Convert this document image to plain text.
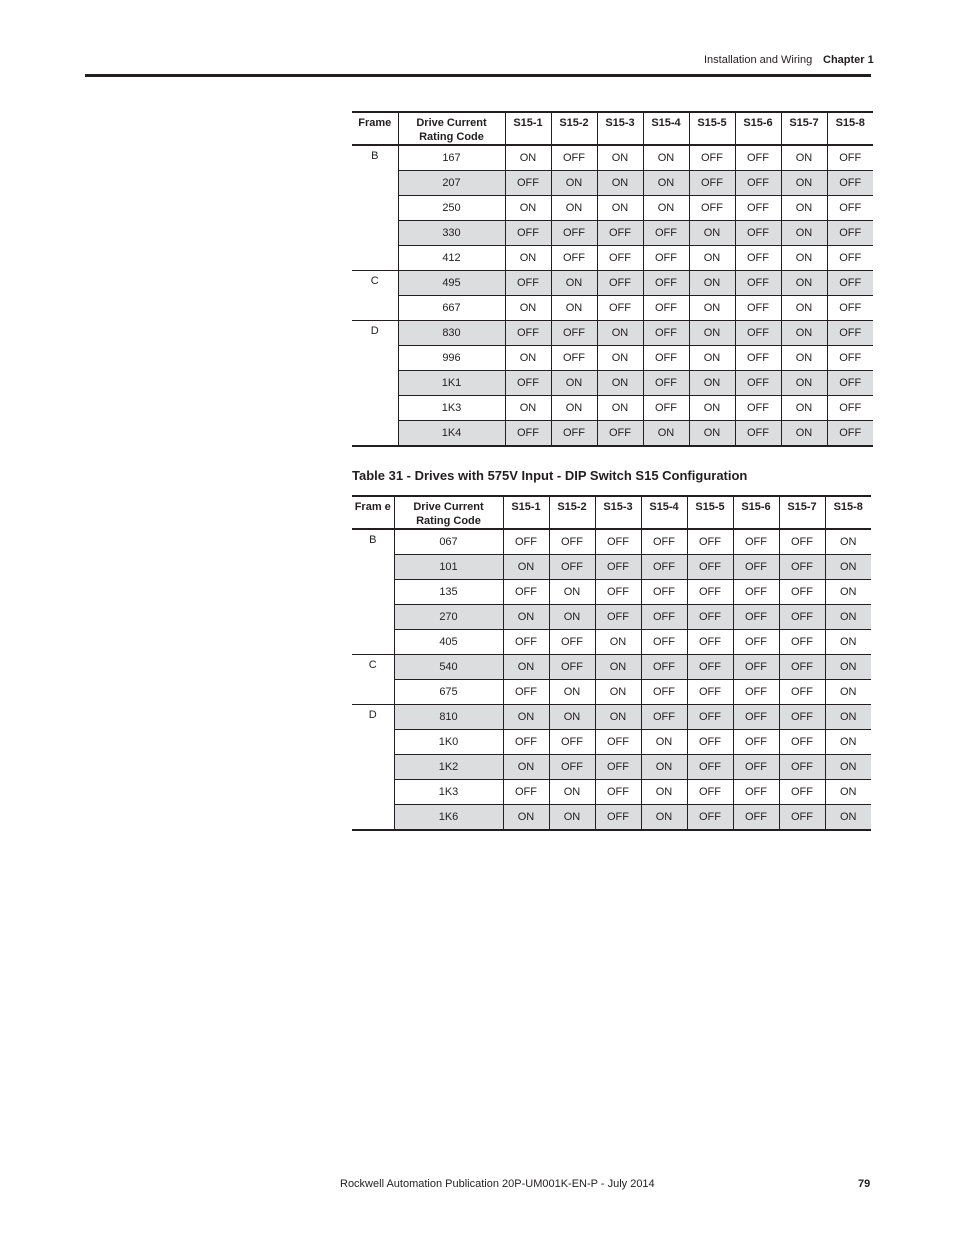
Installation and Wiring Chapter 1
Frame	Drive Current Rating Code	S15-1	S15-2	S15-3	S15-4	S15-5	S15-6	S15-7	S15-8
B	167	ON	OFF	ON	ON	OFF	OFF	ON	OFF
	207	OFF	ON	ON	ON	OFF	OFF	ON	OFF
	250	ON	ON	ON	ON	OFF	OFF	ON	OFF
	330	OFF	OFF	OFF	OFF	ON	OFF	ON	OFF
	412	ON	OFF	OFF	OFF	ON	OFF	ON	OFF
C	495	OFF	ON	OFF	OFF	ON	OFF	ON	OFF
	667	ON	ON	OFF	OFF	ON	OFF	ON	OFF
D	830	OFF	OFF	ON	OFF	ON	OFF	ON	OFF
	996	ON	OFF	ON	OFF	ON	OFF	ON	OFF
	1K1	OFF	ON	ON	OFF	ON	OFF	ON	OFF
	1K3	ON	ON	ON	OFF	ON	OFF	ON	OFF
	1K4	OFF	OFF	OFF	ON	ON	OFF	ON	OFF
Table 31 - Drives with 575V Input - DIP Switch S15 Configuration
Fram e	Drive Current Rating Code	S15-1	S15-2	S15-3	S15-4	S15-5	S15-6	S15-7	S15-8
B	067	OFF	OFF	OFF	OFF	OFF	OFF	OFF	ON
	101	ON	OFF	OFF	OFF	OFF	OFF	OFF	ON
	135	OFF	ON	OFF	OFF	OFF	OFF	OFF	ON
	270	ON	ON	OFF	OFF	OFF	OFF	OFF	ON
	405	OFF	OFF	ON	OFF	OFF	OFF	OFF	ON
C	540	ON	OFF	ON	OFF	OFF	OFF	OFF	ON
	675	OFF	ON	ON	OFF	OFF	OFF	OFF	ON
D	810	ON	ON	ON	OFF	OFF	OFF	OFF	ON
	1K0	OFF	OFF	OFF	ON	OFF	OFF	OFF	ON
	1K2	ON	OFF	OFF	ON	OFF	OFF	OFF	ON
	1K3	OFF	ON	OFF	ON	OFF	OFF	OFF	ON
	1K6	ON	ON	OFF	ON	OFF	OFF	OFF	ON
Rockwell Automation Publication 20P-UM001K-EN-P - July 2014	79
